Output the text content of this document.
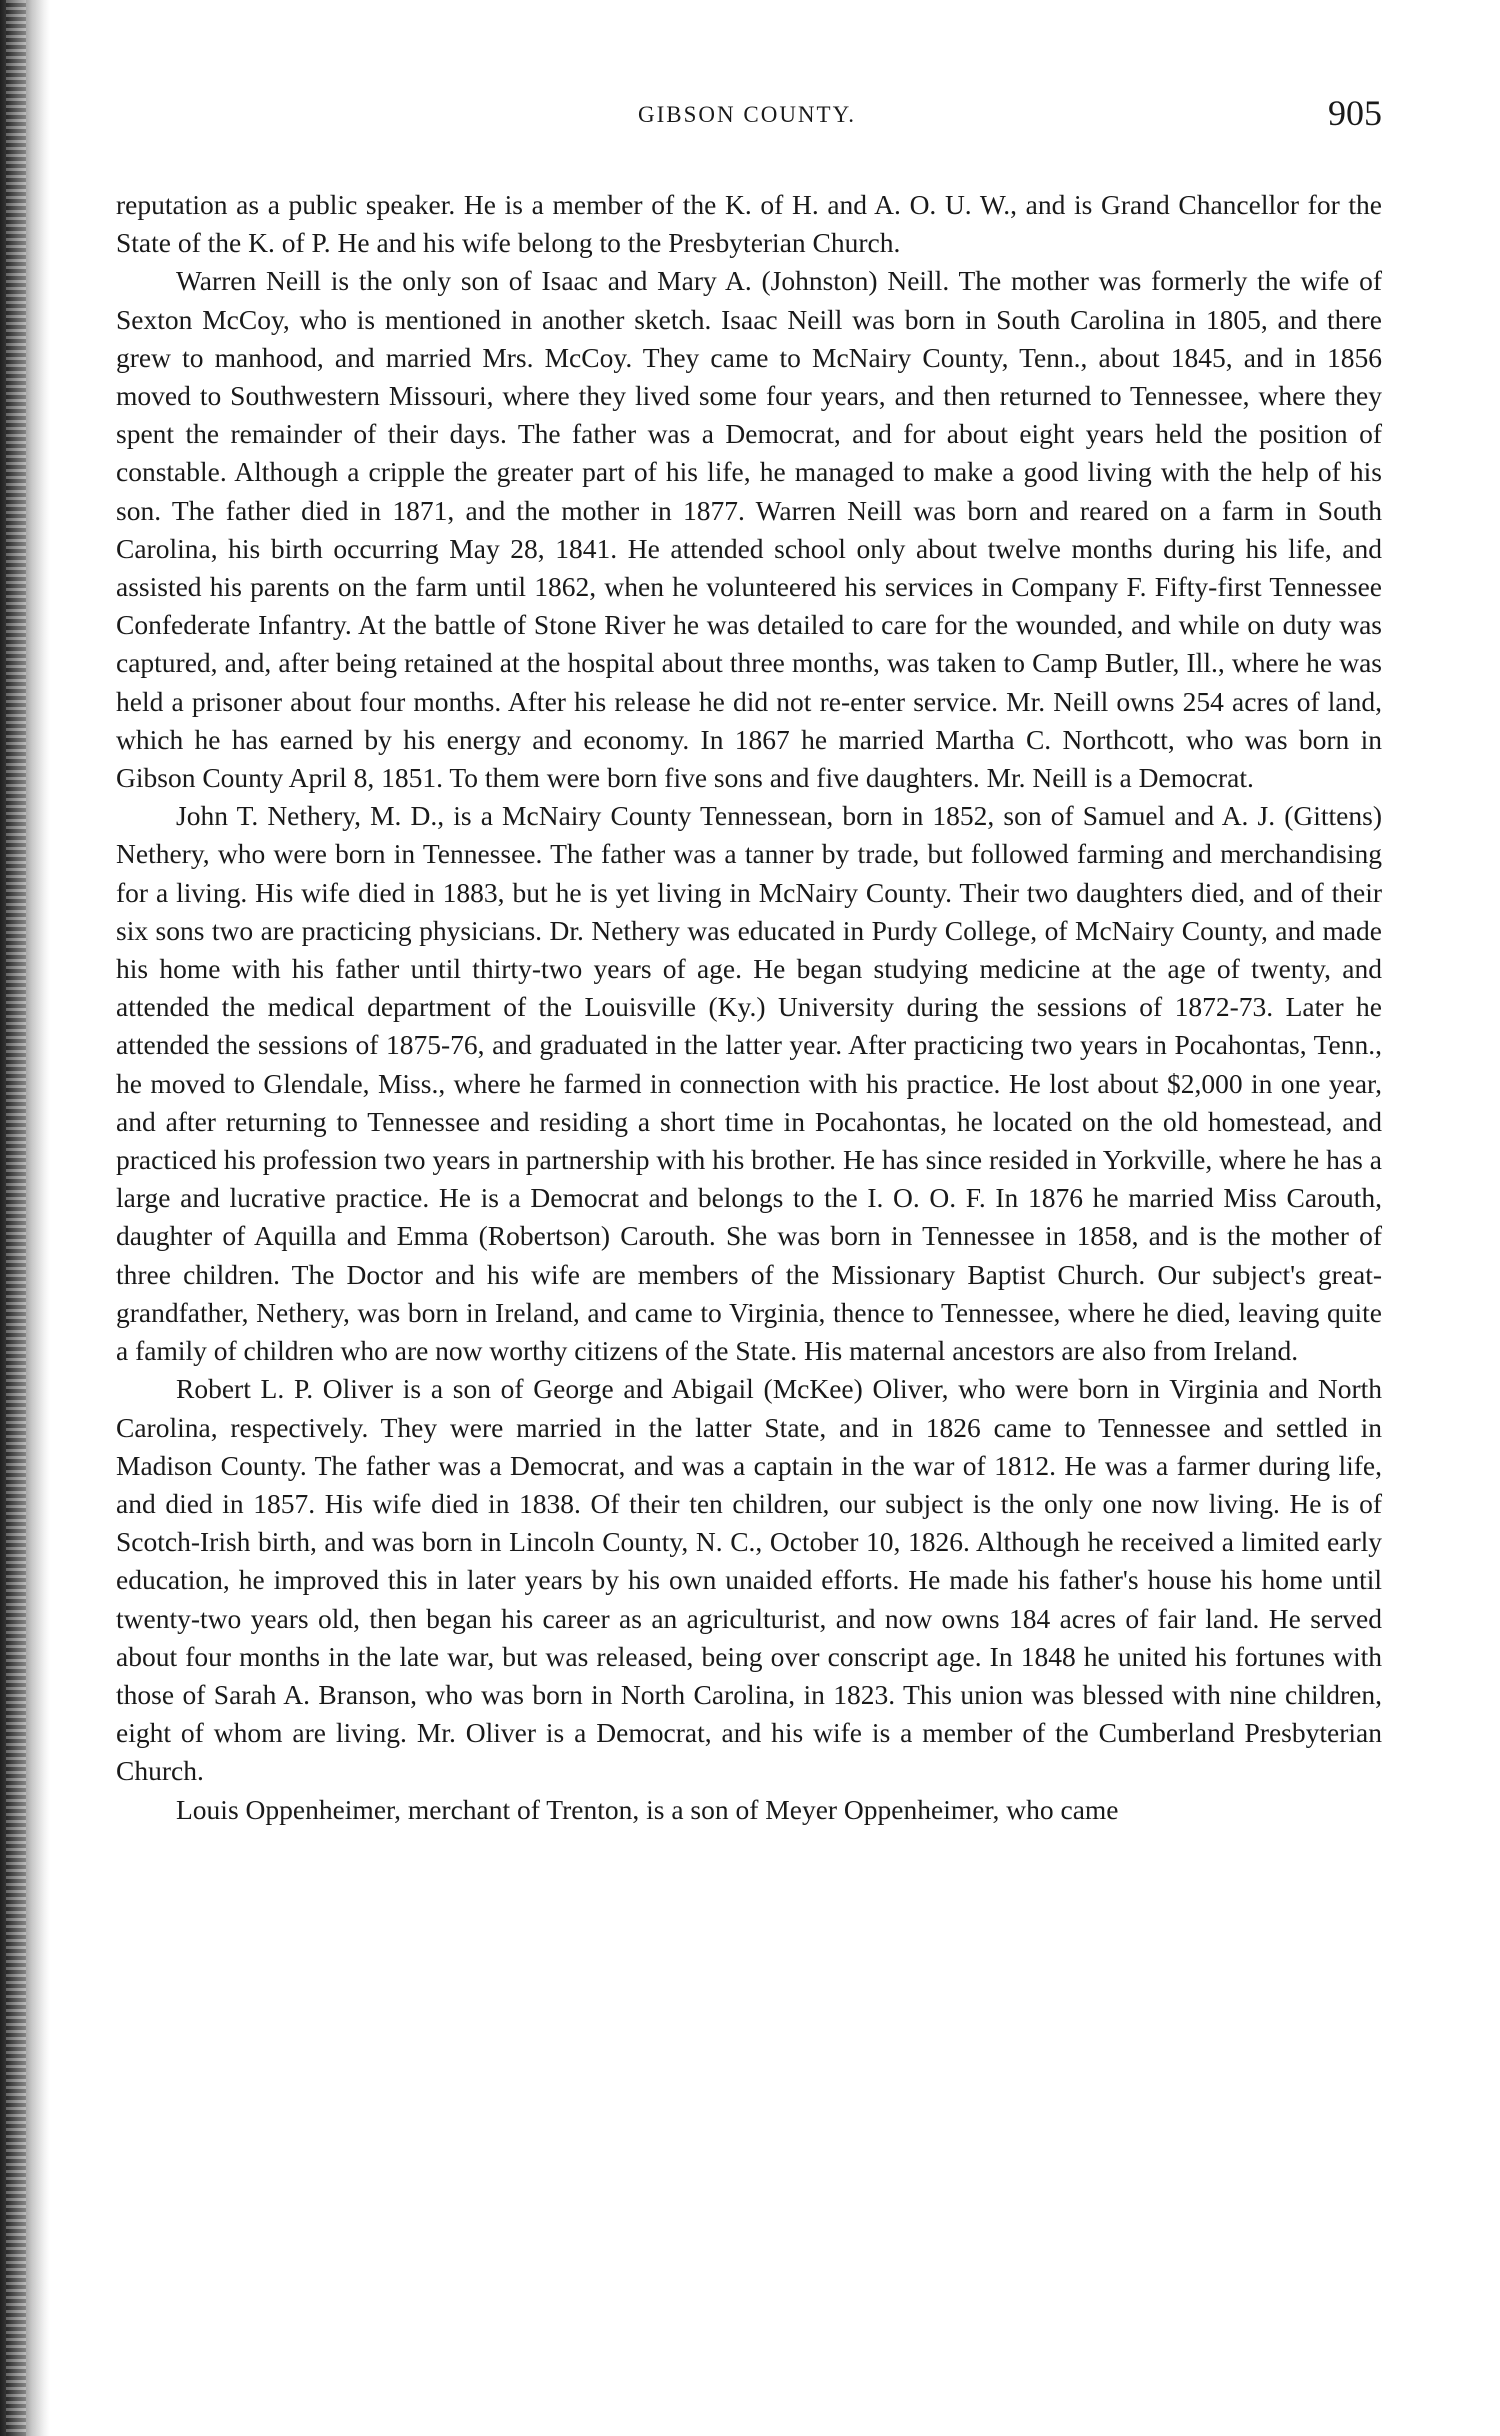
GIBSON COUNTY.	905

reputation as a public speaker. He is a member of the K. of H. and A. O. U. W., and is Grand Chancellor for the State of the K. of P. He and his wife belong to the Presbyterian Church.

Warren Neill is the only son of Isaac and Mary A. (Johnston) Neill. The mother was formerly the wife of Sexton McCoy, who is mentioned in another sketch. Isaac Neill was born in South Carolina in 1805, and there grew to manhood, and married Mrs. McCoy. They came to McNairy County, Tenn., about 1845, and in 1856 moved to Southwestern Missouri, where they lived some four years, and then returned to Tennessee, where they spent the remainder of their days. The father was a Democrat, and for about eight years held the position of constable. Although a cripple the greater part of his life, he managed to make a good living with the help of his son. The father died in 1871, and the mother in 1877. Warren Neill was born and reared on a farm in South Carolina, his birth occurring May 28, 1841. He attended school only about twelve months during his life, and assisted his parents on the farm until 1862, when he volunteered his services in Company F. Fifty-first Tennessee Confederate Infantry. At the battle of Stone River he was detailed to care for the wounded, and while on duty was captured, and, after being retained at the hospital about three months, was taken to Camp Butler, Ill., where he was held a prisoner about four months. After his release he did not re-enter service. Mr. Neill owns 254 acres of land, which he has earned by his energy and economy. In 1867 he married Martha C. Northcott, who was born in Gibson County April 8, 1851. To them were born five sons and five daughters. Mr. Neill is a Democrat.

John T. Nethery, M. D., is a McNairy County Tennessean, born in 1852, son of Samuel and A. J. (Gittens) Nethery, who were born in Tennessee. The father was a tanner by trade, but followed farming and merchandising for a living. His wife died in 1883, but he is yet living in McNairy County. Their two daughters died, and of their six sons two are practicing physicians. Dr. Nethery was educated in Purdy College, of McNairy County, and made his home with his father until thirty-two years of age. He began studying medicine at the age of twenty, and attended the medical department of the Louisville (Ky.) University during the sessions of 1872-73. Later he attended the sessions of 1875-76, and graduated in the latter year. After practicing two years in Pocahontas, Tenn., he moved to Glendale, Miss., where he farmed in connection with his practice. He lost about $2,000 in one year, and after returning to Tennessee and residing a short time in Pocahontas, he located on the old homestead, and practiced his profession two years in partnership with his brother. He has since resided in Yorkville, where he has a large and lucrative practice. He is a Democrat and belongs to the I. O. O. F. In 1876 he married Miss Carouth, daughter of Aquilla and Emma (Robertson) Carouth. She was born in Tennessee in 1858, and is the mother of three children. The Doctor and his wife are members of the Missionary Baptist Church. Our subject's great-grandfather, Nethery, was born in Ireland, and came to Virginia, thence to Tennessee, where he died, leaving quite a family of children who are now worthy citizens of the State. His maternal ancestors are also from Ireland.

Robert L. P. Oliver is a son of George and Abigail (McKee) Oliver, who were born in Virginia and North Carolina, respectively. They were married in the latter State, and in 1826 came to Tennessee and settled in Madison County. The father was a Democrat, and was a captain in the war of 1812. He was a farmer during life, and died in 1857. His wife died in 1838. Of their ten children, our subject is the only one now living. He is of Scotch-Irish birth, and was born in Lincoln County, N. C., October 10, 1826. Although he received a limited early education, he improved this in later years by his own unaided efforts. He made his father's house his home until twenty-two years old, then began his career as an agriculturist, and now owns 184 acres of fair land. He served about four months in the late war, but was released, being over conscript age. In 1848 he united his fortunes with those of Sarah A. Branson, who was born in North Carolina, in 1823. This union was blessed with nine children, eight of whom are living. Mr. Oliver is a Democrat, and his wife is a member of the Cumberland Presbyterian Church.

Louis Oppenheimer, merchant of Trenton, is a son of Meyer Oppenheimer, who came
